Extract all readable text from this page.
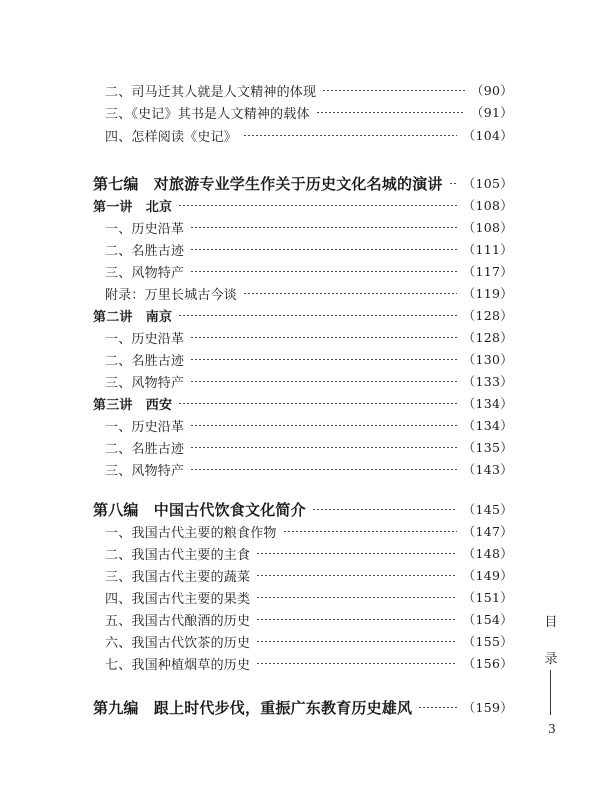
二、司马迁其人就是人文精神的体现	（90）
三、《史记》其书是人文精神的载体	（91）
四、怎样阅读《史记》	（104）
第七编　对旅游专业学生作关于历史文化名城的演讲 （105）
第一讲　北京	（108）
一、历史沿革	（108）
二、名胜古迹	（111）
三、风物特产	（117）
附录：万里长城古今谈	（119）
第二讲　南京	（128）
一、历史沿革	（128）
二、名胜古迹	（130）
三、风物特产	（133）
第三讲　西安	（134）
一、历史沿革	（134）
二、名胜古迹	（135）
三、风物特产	（143）
第八编　中国古代饮食文化简介	（145）
一、我国古代主要的粮食作物	（147）
二、我国古代主要的主食	（148）
三、我国古代主要的蔬菜	（149）
四、我国古代主要的果类	（151）
五、我国古代酿酒的历史	（154）
六、我国古代饮茶的历史	（155）
七、我国种植烟草的历史	（156）
第九编　跟上时代步伐，重振广东教育历史雄风	（159）
目
录
3
